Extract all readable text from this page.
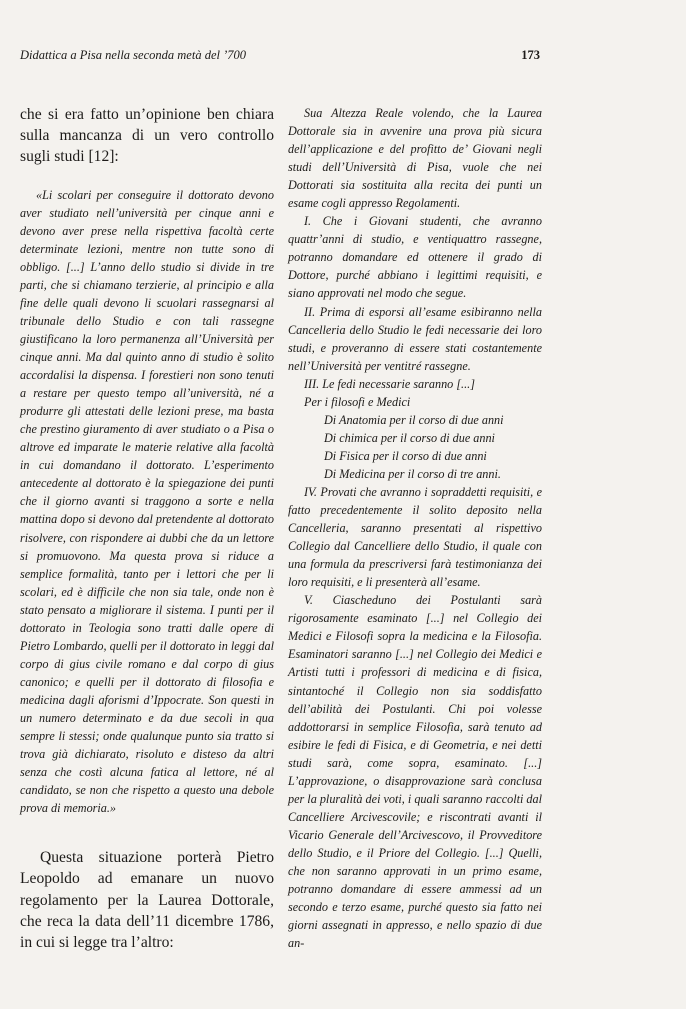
Didattica a Pisa nella seconda metà del ’700	173

che si era fatto un’opinione ben chiara sulla mancanza di un vero controllo sugli studi [12]:

«Li scolari per conseguire il dottorato devono aver studiato nell’università per cinque anni e devono aver prese nella rispettiva facoltà certe determinate lezioni, mentre non tutte sono di obbligo. [...] L’anno dello studio si divide in tre parti, che si chiamano terzierie, al principio e alla fine delle quali devono li scuolari rassegnarsi al tribunale dello Studio e con tali rassegne giustificano la loro permanenza all’Università per cinque anni. Ma dal quinto anno di studio è solito accordalisi la dispensa. I forestieri non sono tenuti a restare per questo tempo all’università, né a produrre gli attestati delle lezioni prese, ma basta che prestino giuramento di aver studiato o a Pisa o altrove ed imparate le materie relative alla facoltà in cui domandano il dottorato. L’esperimento antecedente al dottorato è la spiegazione dei punti che il giorno avanti si traggono a sorte e nella mattina dopo si devono dal pretendente al dottorato risolvere, con rispondere ai dubbi che da un lettore si promuovono. Ma questa prova si riduce a semplice formalità, tanto per i lettori che per li scolari, ed è difficile che non sia tale, onde non è stato pensato a migliorare il sistema. I punti per il dottorato in Teologia sono tratti dalle opere di Pietro Lombardo, quelli per il dottorato in leggi dal corpo di gius civile romano e dal corpo di gius canonico; e quelli per il dottorato di filosofia e medicina dagli aforismi d’Ippocrate. Son questi in un numero determinato e da due secoli in qua sempre li stessi; onde qualunque punto sia tratto si trova già dichiarato, risoluto e disteso da altri senza che costì alcuna fatica al lettore, né al candidato, se non che rispetto a questo una debole prova di memoria.»

Questa situazione porterà Pietro Leopoldo ad emanare un nuovo regolamento per la Laurea Dottorale, che reca la data dell’11 dicembre 1786, in cui si legge tra l’altro:

Sua Altezza Reale volendo, che la Laurea Dottorale sia in avvenire una prova più sicura dell’applicazione e del profitto de’ Giovani negli studi dell’Università di Pisa, vuole che nei Dottorati sia sostituita alla recita dei punti un esame cogli appresso Regolamenti.

I. Che i Giovani studenti, che avranno quattr’anni di studio, e ventiquattro rassegne, potranno domandare ed ottenere il grado di Dottore, purché abbiano i legittimi requisiti, e siano approvati nel modo che segue.

II. Prima di esporsi all’esame esibiranno nella Cancelleria dello Studio le fedi necessarie dei loro studi, e proveranno di essere stati costantemente nell’Università per ventitré rassegne.

III. Le fedi necessarie saranno [...]

Per i filosofi e Medici

Di Anatomia per il corso di due anni

Di chimica per il corso di due anni

Di Fisica per il corso di due anni

Di Medicina per il corso di tre anni.

IV. Provati che avranno i sopraddetti requisiti, e fatto precedentemente il solito deposito nella Cancelleria, saranno presentati al rispettivo Collegio dal Cancelliere dello Studio, il quale con una formula da prescriversi farà testimonianza dei loro requisiti, e li presenterà all’esame.

V. Ciascheduno dei Postulanti sarà rigorosamente esaminato [...] nel Collegio dei Medici e Filosofi sopra la medicina e la Filosofia. Esaminatori saranno [...] nel Collegio dei Medici e Artisti tutti i professori di medicina e di fisica, sintantoché il Collegio non sia soddisfatto dell’abilità dei Postulanti. Chi poi volesse addottorarsi in semplice Filosofia, sarà tenuto ad esibire le fedi di Fisica, e di Geometria, e nei detti studi sarà, come sopra, esaminato. [...] L’approvazione, o disapprovazione sarà conclusa per la pluralità dei voti, i quali saranno raccolti dal Cancelliere Arcivescovile; e riscontrati avanti il Vicario Generale dell’Arcivescovo, il Provveditore dello Studio, e il Priore del Collegio. [...] Quelli, che non saranno approvati in un primo esame, potranno domandare di essere ammessi ad un secondo e terzo esame, purché questo sia fatto nei giorni assegnati in appresso, e nello spazio di due an-
